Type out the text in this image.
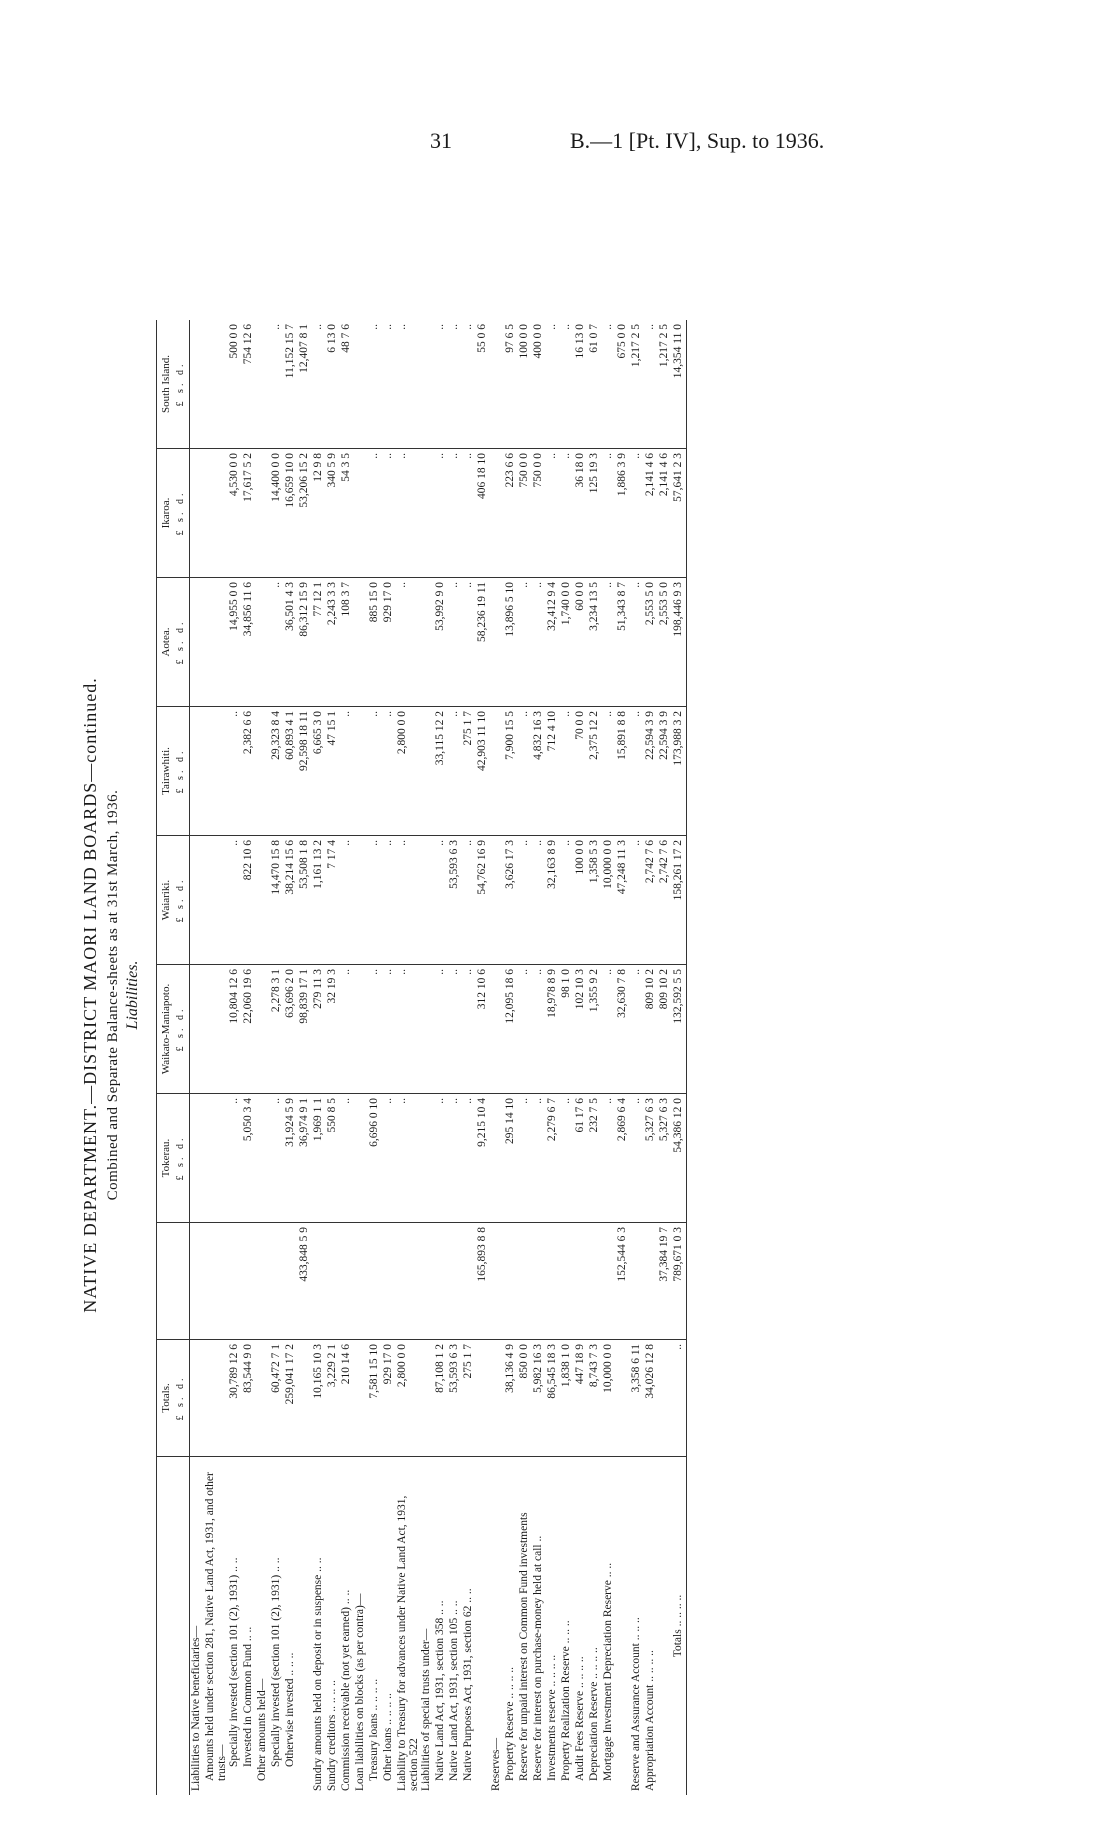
31	B.—1 [Pt. IV], Sup. to 1936.
NATIVE DEPARTMENT.—DISTRICT MAORI LAND BOARDS—continued. Combined and Separate Balance-sheets as at 31st March, 1936. Liabilities.
	Totals. £ s. d.		Tokerau. £ s. d.	Waikato-Maniapoto. £ s. d.	Waiariki. £ s. d.	Tairawhiti. £ s. d.	Aotea. £ s. d.	Ikaroa. £ s. d.	South Island. £ s. d.

Liabilities to Native beneficiaries—									
Amounts held under section 281, Native Land Act, 1931, and other trusts—									
Specially invested (section 101 (2), 1931) .. ..	30,789 12 6		..	10,804 12 6	..	..	14,955 0 0	4,530 0 0	500 0 0
Invested in Common Fund .. ..	83,544 9 0		5,050 3 4	22,060 19 6	822 10 6	2,382 6 6	34,856 11 6	17,617 5 2	754 12 6
Other amounts held—									
Specially invested (section 101 (2), 1931) .. ..	60,472 7 1		..	2,278 3 1	14,470 15 8	29,323 8 4	..	14,400 0 0	..
Otherwise invested .. .. ..	259,041 17 2		31,924 5 9	63,696 2 0	38,214 15 6	60,893 4 1	36,501 4 3	16,659 10 0	11,152 15 7
		433,848 5 9	36,974 9 1	98,839 17 1	53,508 1 8	92,598 18 11	86,312 15 9	53,206 15 2	12,407 8 1
Sundry amounts held on deposit or in suspense .. ..	10,165 10 3		1,969 1 1	279 11 3	1,161 13 2	6,665 3 0	77 12 1	12 9 8	..
Sundry creditors .. .. .. ..	3,229 2 1		550 8 5	32 19 3	7 17 4	47 15 1	2,243 3 3	340 5 9	6 13 0
Commission receivable (not yet earned) .. ..	210 14 6		..	..	..	..	108 3 7	54 3 5	48 7 6
Loan liabilities on blocks (as per contra)—									
Treasury loans .. .. .. ..	7,581 15 10		6,696 0 10	..	..	..	885 15 0	..	..
Other loans .. .. .. ..	929 17 0		..	..	..	..	929 17 0	..	..
Liability to Treasury for advances under Native Land Act, 1931, section 522	2,800 0 0		..	..	..	2,800 0 0	..	..	..
Liabilities of special trusts under—									
Native Land Act, 1931, section 358 .. ..	87,108 1 2		..	..	..	33,115 12 2	53,992 9 0	..	..
Native Land Act, 1931, section 105 .. ..	53,593 6 3		..	..	53,593 6 3	..	..	..	..
Native Purposes Act, 1931, section 62 .. ..	275 1 7		..	..	..	275 1 7	..	..	..
		165,893 8 8	9,215 10 4	312 10 6	54,762 16 9	42,903 11 10	58,236 19 11	406 18 10	55 0 6
Reserves—									
Property Reserve .. .. .. ..	38,136 4 9		295 14 10	12,095 18 6	3,626 17 3	7,900 15 5	13,896 5 10	223 6 6	97 6 5
Reserve for unpaid interest on Common Fund investments	850 0 0		..	..	..	..	..	750 0 0	100 0 0
Reserve for interest on purchase-money held at call ..	5,982 16 3		..	..	..	4,832 16 3	..	750 0 0	400 0 0
Investments reserve .. .. .. ..	86,545 18 3		2,279 6 7	18,978 8 9	32,163 8 9	712 4 10	32,412 9 4	..	..
Property Realization Reserve .. .. ..	1,838 1 0		..	98 1 0	..	..	1,740 0 0	..	..
Audit Fees Reserve .. .. .. ..	447 18 9		61 17 6	102 10 3	100 0 0	70 0 0	60 0 0	36 18 0	16 13 0
Depreciation Reserve .. .. .. ..	8,743 7 3		232 7 5	1,355 9 2	1,358 5 3	2,375 12 2	3,234 13 5	125 19 3	61 0 7
Mortgage Investment Depreciation Reserve .. ..	10,000 0 0		..	..	10,000 0 0	..	..	..	..
		152,544 6 3	2,869 6 4	32,630 7 8	47,248 11 3	15,891 8 8	51,343 8 7	1,886 3 9	675 0 0
Reserve and Assurance Account .. .. ..	3,358 6 11		..	..	..	..	..	..	1,217 2 5
Appropriation Account .. .. .. ..	34,026 12 8		5,327 6 3	809 10 2	2,742 7 6	22,594 3 9	2,553 5 0	2,141 4 6	..
		37,384 19 7	5,327 6 3	809 10 2	2,742 7 6	22,594 3 9	2,553 5 0	2,141 4 6	1,217 2 5
Totals .. .. .. ..	..	789,671 0 3	54,386 12 0	132,592 5 5	158,261 17 2	173,988 3 2	198,446 9 3	57,641 2 3	14,354 11 0
